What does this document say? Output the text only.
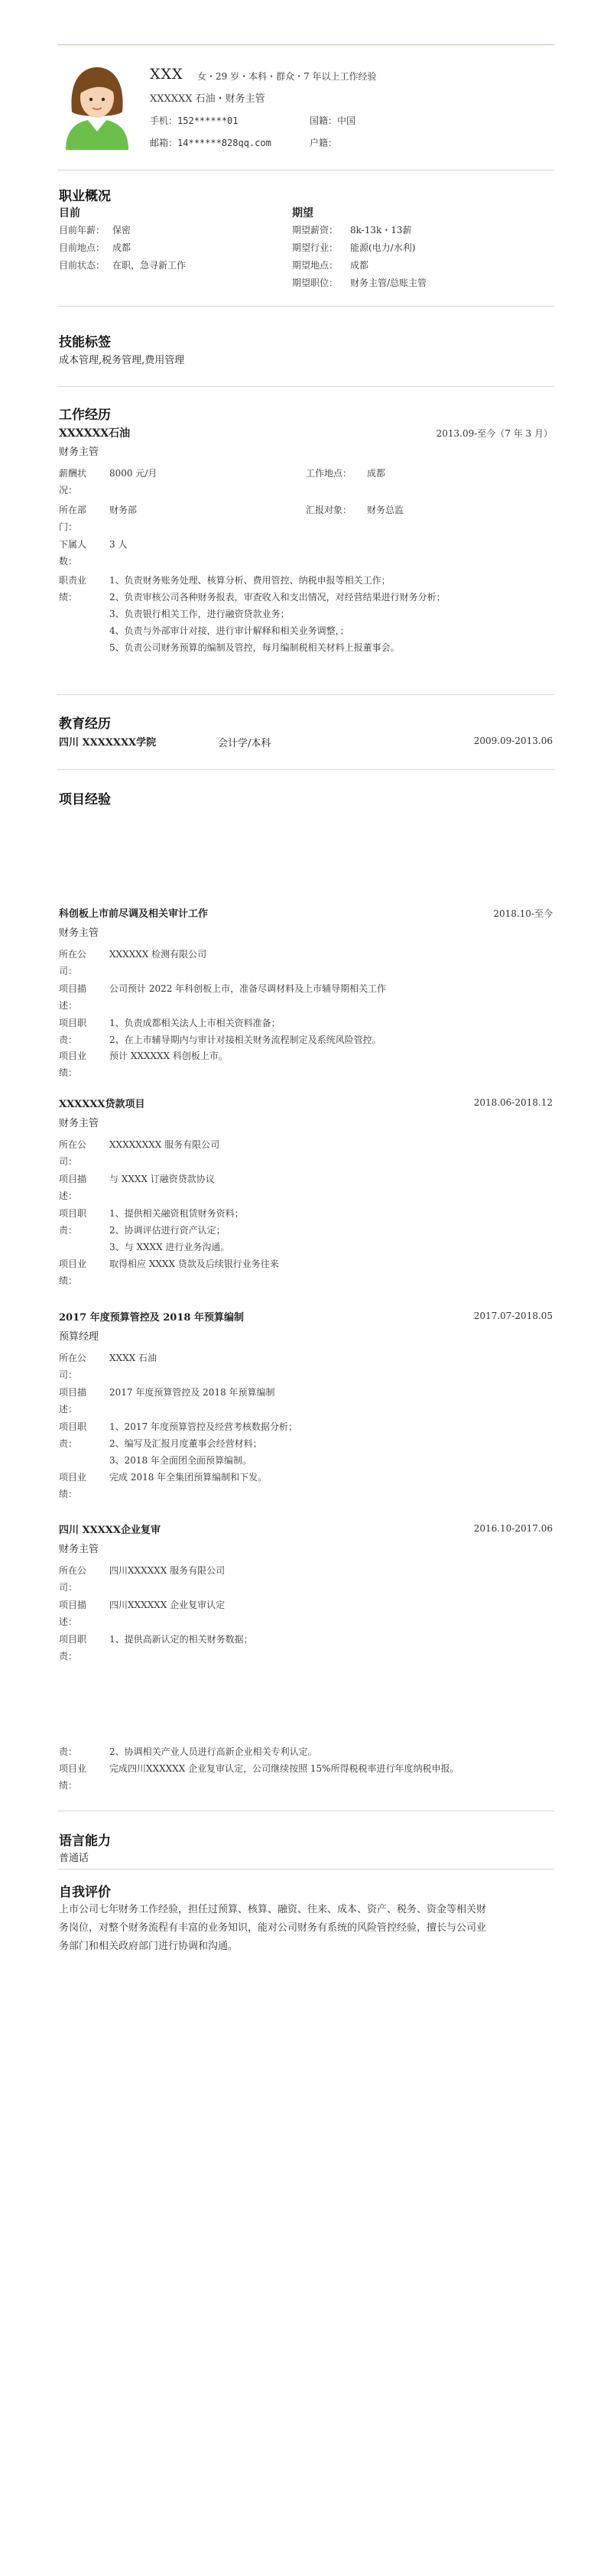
XXX 女・29 岁・本科・群众・7 年以上工作经验
XXXXXX 石油・财务主管
手机：152******01	国籍：中国
邮箱：14******828qq.com	户籍：
职业概况
目前	期望
目前年薪： 保密
目前地点： 成都
目前状态： 在职，急寻新工作
期望薪资： 8k-13k・13薪
期望行业： 能源(电力/水利)
期望地点： 成都
期望职位： 财务主管/总账主管
技能标签
成本管理,税务管理,费用管理
工作经历
XXXXXX石油	2013.09-至今（7 年 3 月）
财务主管
薪酬状况：
8000 元/月	工作地点： 成都
所在部门：
财务部	汇报对象： 财务总监
下属人数：
3 人
职责业绩：
1、负责财务账务处理、核算分析、费用管控、纳税申报等相关工作；
2、负责审核公司各种财务报表，审查收入和支出情况，对经营结果进行财务分析；
3、负责银行相关工作，进行融资贷款业务；
4、负责与外部审计对接，进行审计解释和相关业务调整，；
5、负责公司财务预算的编制及管控，每月编制税相关材料上报董事会。
教育经历
四川 XXXXXXX学院	会计学/本科	2009.09-2013.06
项目经验
科创板上市前尽调及相关审计工作	2018.10-至今
财务主管
所在公司：
XXXXXX 检测有限公司
项目描述：
公司预计 2022 年科创板上市，准备尽调材料及上市辅导期相关工作
项目职责：
1、负责成都相关法人上市相关资料准备；
2、在上市辅导期内与审计对接相关财务流程制定及系统风险管控。
项目业绩：
预计 XXXXXX 科创板上市。
XXXXXX贷款项目	2018.06-2018.12
财务主管
所在公司：
XXXXXXXX 服务有限公司
项目描述：
与 XXXX 订融资贷款协议
项目职责：
1、提供相关融资租赁财务资料；
2、协调评估进行资产认定；
3、与 XXXX 进行业务沟通。
项目业绩：
取得相应 XXXX 贷款及后续银行业务往来
2017 年度预算管控及 2018 年预算编制	2017.07-2018.05
预算经理
所在公司：
XXXX 石油
项目描述：
2017 年度预算管控及 2018 年预算编制
项目职责：
1、2017 年度预算管控及经营考核数据分析；
2、编写及汇报月度董事会经营材料；
3、2018 年全面团全面预算编制。
项目业绩：
完成 2018 年全集团预算编制和下发。
四川 XXXXX企业复审	2016.10-2017.06
财务主管
所在公司：
四川XXXXXX 服务有限公司
项目描述：
四川XXXXXX 企业复审认定
项目职责：
1、提供高新认定的相关财务数据；
责：	2、协调相关产业人员进行高新企业相关专利认定。
项目业绩：
完成四川XXXXXX 企业复审认定，公司继续按照 15%所得税税率进行年度纳税申报。
语言能力
普通话
自我评价
上市公司七年财务工作经验，担任过预算、核算、融资、往来、成本、资产、税务、资金等相关财
务岗位，对整个财务流程有丰富的业务知识，能对公司财务有系统的风险管控经验，擅长与公司业
务部门和相关政府部门进行协调和沟通。
